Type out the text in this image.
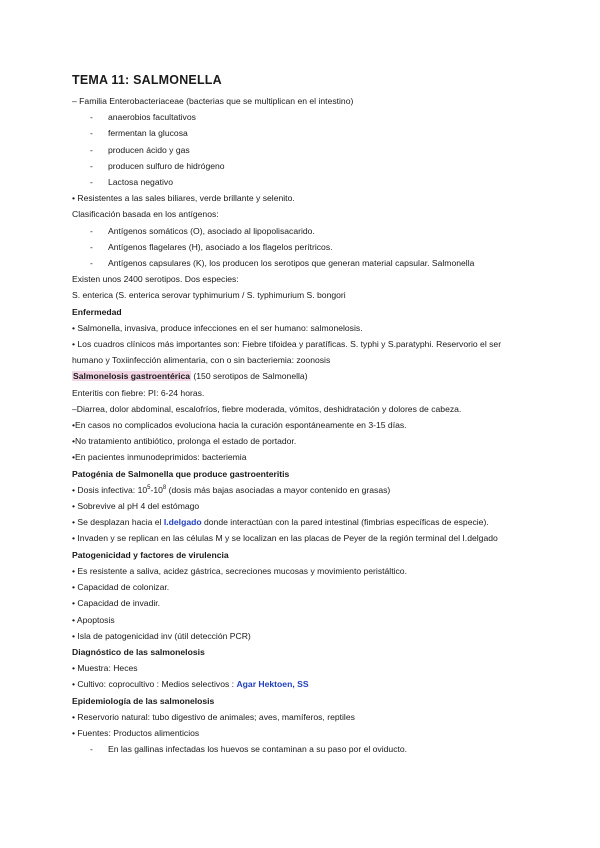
TEMA 11: SALMONELLA
– Familia Enterobacteriaceae (bacterias que se multiplican en el intestino)
- anaerobios facultativos
- fermentan la glucosa
- producen ácido y gas
- producen sulfuro de hidrógeno
- Lactosa negativo
• Resistentes a las sales biliares, verde brillante y selenito.
Clasificación basada en los antígenos:
- Antígenos somáticos (O), asociado al lipopolisacarido.
- Antígenos flagelares (H), asociado a los flagelos perítricos.
- Antígenos capsulares (K), los producen los serotipos que generan material capsular. Salmonella
Existen unos 2400 serotipos. Dos especies:
S. enterica (S. enterica serovar typhimurium / S. typhimurium S. bongori
Enfermedad
• Salmonella, invasiva, produce infecciones en el ser humano: salmonelosis.
• Los cuadros clínicos más importantes son: Fiebre tifoidea y paratíficas. S. typhi y S.paratyphi. Reservorio el ser humano y Toxiinfección alimentaria, con o sin bacteriemia: zoonosis
Salmonelosis gastroentérica (150 serotipos de Salmonella)
Enteritis con fiebre: PI: 6-24 horas.
–Diarrea, dolor abdominal, escalofríos, fiebre moderada, vómitos, deshidratación y dolores de cabeza.
•En casos no complicados evoluciona hacia la curación espontáneamente en 3-15 días.
•No tratamiento antibiótico, prolonga el estado de portador.
•En pacientes inmunodeprimidos: bacteriemia
Patogénia de Salmonella que produce gastroenteritis
• Dosis infectiva: $10^5-10^8$ (dosis más bajas asociadas a mayor contenido en grasas)
• Sobrevive al pH 4 del estómago
• Se desplazan hacia el I.delgado donde interactúan con la pared intestinal (fimbrias específicas de especie).
• Invaden y se replican en las células M y se localizan en las placas de Peyer de la región terminal del I.delgado
Patogenicidad y factores de virulencia
• Es resistente a saliva, acidez gástrica, secreciones mucosas y movimiento peristáltico.
• Capacidad de colonizar.
• Capacidad de invadir.
• Apoptosis
• Isla de patogenicidad inv (útil detección PCR)
Diagnóstico de las salmonelosis
• Muestra: Heces
• Cultivo: coprocultivo : Medios selectivos : Agar Hektoen, SS
Epidemiología de las salmonelosis
• Reservorio natural: tubo digestivo de animales; aves, mamíferos, reptiles
• Fuentes: Productos alimenticios
- En las gallinas infectadas los huevos se contaminan a su paso por el oviducto.
